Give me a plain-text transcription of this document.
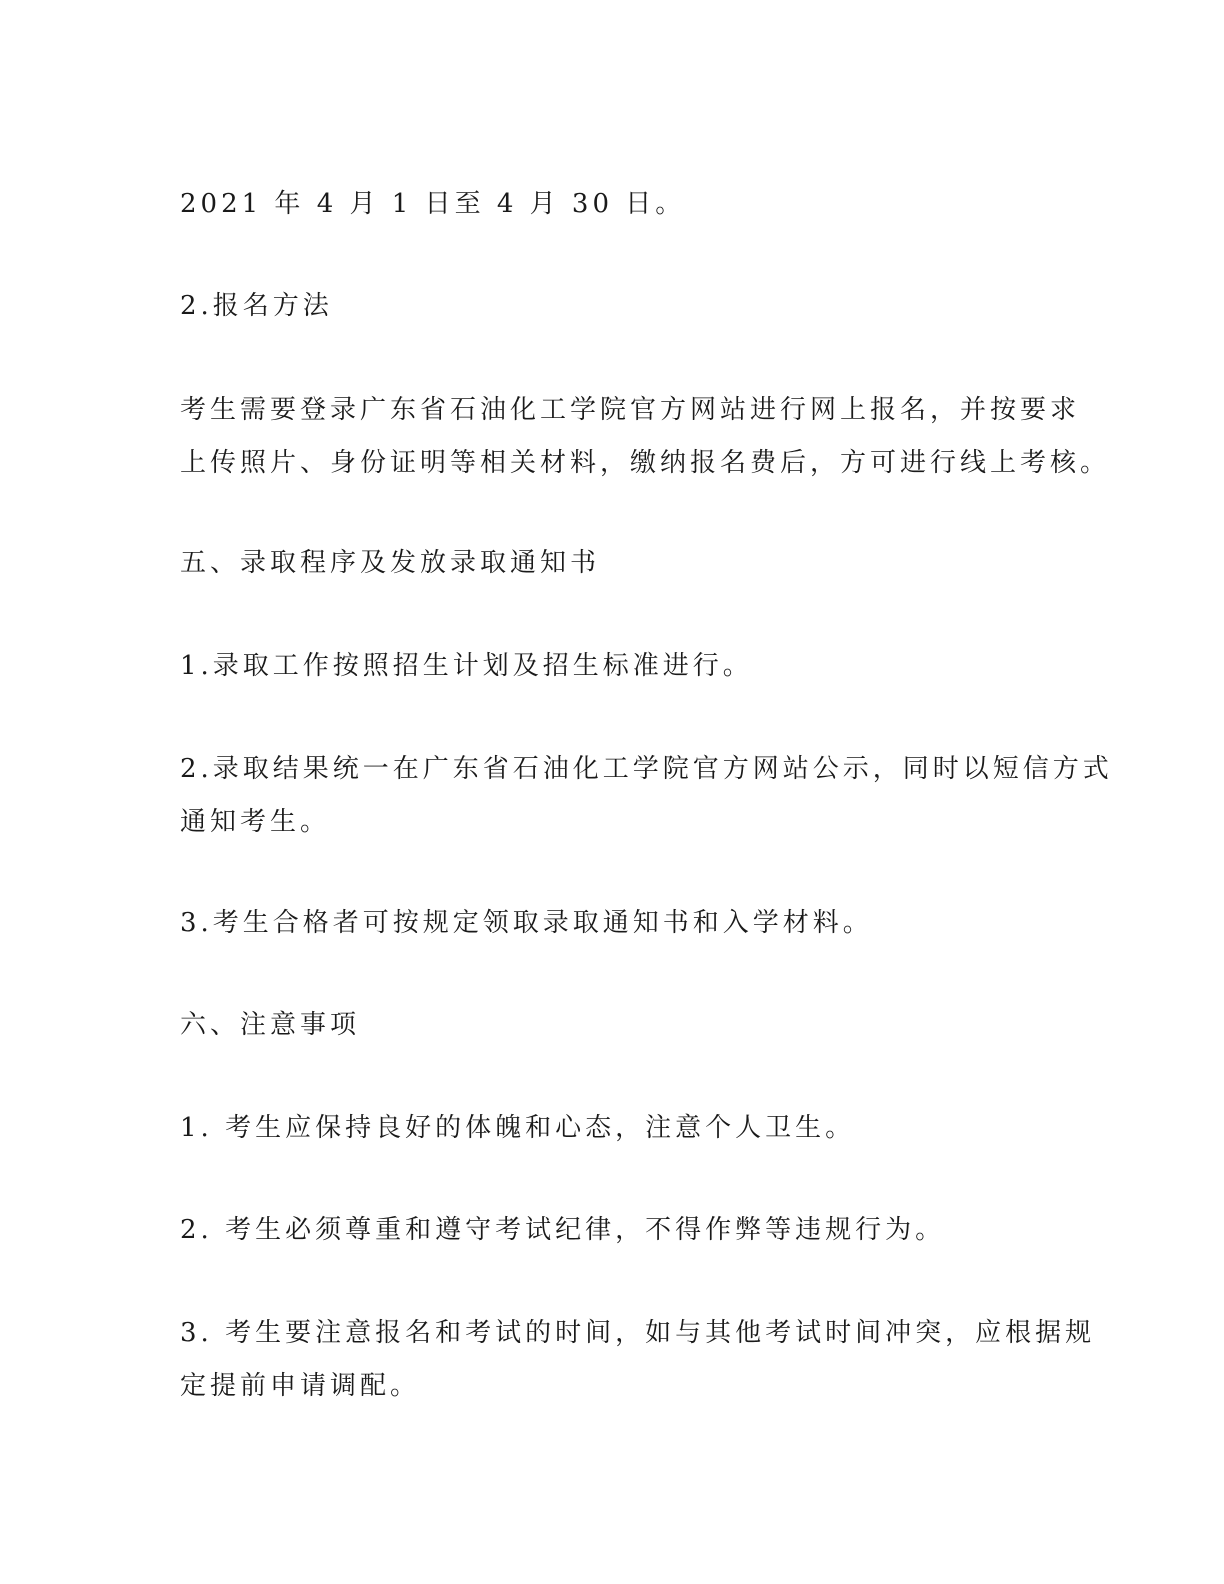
2021 年 4 月 1 日至 4 月 30 日。
2.报名方法
考生需要登录广东省石油化工学院官方网站进行网上报名，并按要求
上传照片、身份证明等相关材料，缴纳报名费后，方可进行线上考核。
五、录取程序及发放录取通知书
1.录取工作按照招生计划及招生标准进行。
2.录取结果统一在广东省石油化工学院官方网站公示，同时以短信方式
通知考生。
3.考生合格者可按规定领取录取通知书和入学材料。
六、注意事项
1. 考生应保持良好的体魄和心态，注意个人卫生。
2. 考生必须尊重和遵守考试纪律，不得作弊等违规行为。
3. 考生要注意报名和考试的时间，如与其他考试时间冲突，应根据规
定提前申请调配。
